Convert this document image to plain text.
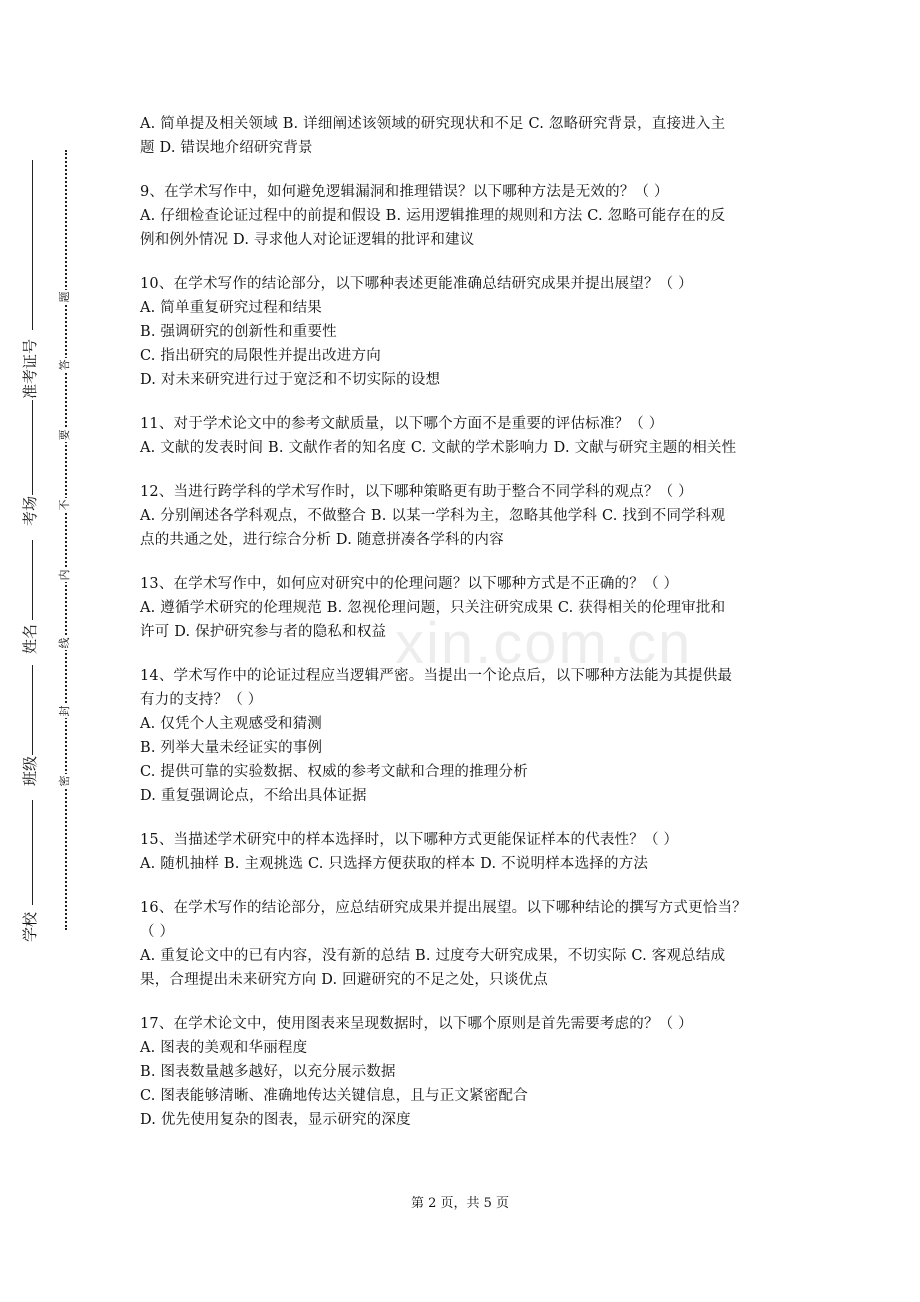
题
答
要
不
内
线
封
密
准考证号
考场
姓名
班级
学校
xin.com.cn

A. 简单提及相关领域 B. 详细阐述该领域的研究现状和不足 C. 忽略研究背景，直接进入主

题 D. 错误地介绍研究背景

9、在学术写作中，如何避免逻辑漏洞和推理错误？以下哪种方法是无效的？（ ）

A. 仔细检查论证过程中的前提和假设 B. 运用逻辑推理的规则和方法 C. 忽略可能存在的反

例和例外情况 D. 寻求他人对论证逻辑的批评和建议

10、在学术写作的结论部分，以下哪种表述更能准确总结研究成果并提出展望？（ ）

A. 简单重复研究过程和结果

B. 强调研究的创新性和重要性

C. 指出研究的局限性并提出改进方向

D. 对未来研究进行过于宽泛和不切实际的设想

11、对于学术论文中的参考文献质量，以下哪个方面不是重要的评估标准？（ ）

A. 文献的发表时间 B. 文献作者的知名度 C. 文献的学术影响力 D. 文献与研究主题的相关性

12、当进行跨学科的学术写作时，以下哪种策略更有助于整合不同学科的观点？（ ）

A. 分别阐述各学科观点，不做整合 B. 以某一学科为主，忽略其他学科 C. 找到不同学科观

点的共通之处，进行综合分析 D. 随意拼凑各学科的内容

13、在学术写作中，如何应对研究中的伦理问题？以下哪种方式是不正确的？（ ）

A. 遵循学术研究的伦理规范 B. 忽视伦理问题，只关注研究成果 C. 获得相关的伦理审批和

许可 D. 保护研究参与者的隐私和权益

14、学术写作中的论证过程应当逻辑严密。当提出一个论点后，以下哪种方法能为其提供最

有力的支持？（ ）

A. 仅凭个人主观感受和猜测

B. 列举大量未经证实的事例

C. 提供可靠的实验数据、权威的参考文献和合理的推理分析

D. 重复强调论点，不给出具体证据

15、当描述学术研究中的样本选择时，以下哪种方式更能保证样本的代表性？（ ）

A. 随机抽样 B. 主观挑选 C. 只选择方便获取的样本 D. 不说明样本选择的方法

16、在学术写作的结论部分，应总结研究成果并提出展望。以下哪种结论的撰写方式更恰当？

（ ）

A. 重复论文中的已有内容，没有新的总结 B. 过度夸大研究成果，不切实际 C. 客观总结成

果，合理提出未来研究方向 D. 回避研究的不足之处，只谈优点

17、在学术论文中，使用图表来呈现数据时，以下哪个原则是首先需要考虑的？（ ）

A. 图表的美观和华丽程度

B. 图表数量越多越好，以充分展示数据

C. 图表能够清晰、准确地传达关键信息，且与正文紧密配合

D. 优先使用复杂的图表，显示研究的深度

第 2 页，共 5 页
